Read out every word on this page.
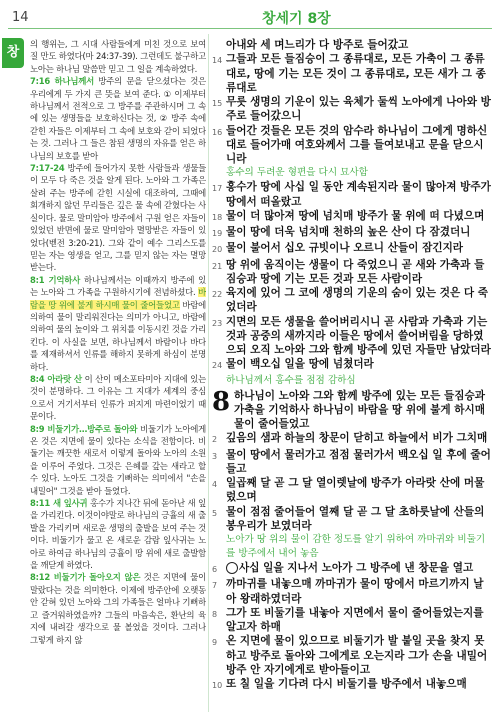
14	창세기 8장
창

의 행위는, 그 시대 사람들에게 미친 것으로 보여질 만도 하였다(마 24:37-39). 그런데도 불구하고 노아는 하나님 말씀만 믿고 그 일을 계속하였다.

7:16 하나님께서 방주의 문을 닫으셨다는 것은 우리에게 두 가지 큰 뜻을 보여 준다. ① 이제부터 하나님께서 전적으로 그 방주를 주관하시며 그 속에 있는 생명들을 보호하신다는 것, ② 방주 속에 갇힌 자들은 이제부터 그 속에 보호와 갇이 되었다는 것. 그러나 그 들은 참된 생명의 자유를 얻은 하나님의 보호를 받아

7:17-24 방주에 들어가지 못한 사람들과 생물들이 모두 다 죽은 것을 알게 된다. 노아와 그 가족은 살려 주는 방주에 갇힌 시실에 대조하여, 그때에 회개하지 않던 무리들은 깊은 물 속에 갇혔다는 사실이다. 물로 말미암아 방주에서 구원 얻은 자들이 있었던 반면에 물로 말미암아 멸망받은 자들이 있었다(벧전 3:20-21). 그와 같이 예수 그리스도를 믿는 자는 영생을 얻고, 그를 믿지 않는 자는 멸망 받는다.

8:1 기억하사 하나님께서는 이때까지 방주에 있는 노아와 그 가족을 구원하시기에 전념하셨다. 바람을 땅 위에 불게 하시매 물이 줄어들었고 바람에 의하여 물이 말리워진다는 의미가 아니고, 바람에 의하여 물의 높이와 그 위치를 이동시킨 것을 가리킨다. 이 사실을 보면, 하나님께서 바람이나 바다를 제재하셔서 인류를 해하지 못하게 하심이 분명하다.

8:4 아라랏 산 이 산이 메소포타미아 지대에 있는 것이 분명하다. 그 이유는 그 지대가 세계의 중심으로서 거기서부터 인류가 퍼지게 마련이었기 때문이다.

8:9 비둘기가…방주로 돌아와 비둘기가 노아에게 온 것은 지면에 물이 있다는 소식을 전함이다. 비둘기는 깨끗한 새로서 이렇게 돌아와 노아의 소원을 이루어 주었다. 그것은 은혜를 갚는 새라고 할 수 있다. 노아도 그것을 기뻐하는 의미에서 "손을 내밀어" 그것을 받아 들였다.

8:11 새 잎사귀 홍수가 지나간 뒤에 돋아난 새 잎을 가리킨다. 이것이야말로 하나님의 긍휼의 새 출발을 가리키며 새로운 생명의 출발을 보여 주는 것이다. 비둘기가 물고 온 새로운 감람 잎사귀는 노아로 하여금 하나님의 긍휼이 땅 위에 새로 출발함을 깨닫게 하였다.

8:12 비둘기가 돌아오지 않은 것은 지면에 물이 말랐다는 것을 의미한다. 이제에 방주안에 오랫동안 갇혀 있던 노아와 그의 가족들은 얼마나 기뻐하고 즐거워하였을까? 그들의 마음속은, 환난의 육지에 내려갈 생각으로 물 볼었을 것이다. 그러나 그렇게 하지 않

아내와 세 며느리가 다 방주로 들어갔고
14 그들과 모든 들짐승이 그 종류대로, 모든 가축이 그 종류대로, 땅에 기는 모든 것이 그 종류대로, 모든 새가 그 종류대로
15 무릇 생명의 기운이 있는 육체가 둘씩 노아에게 나아와 방주로 들어갔으니
16 들어간 것들은 모든 것의 암수라 하나님이 그에게 명하신 대로 들어가매 여호와께서 그를 들여보내고 문을 닫으시니라
홍수의 두려운 형편을 다시 묘사함
17 홍수가 땅에 사십 일 동안 계속된지라 물이 많아져 방주가 땅에서 떠올랐고
18 물이 더 많아져 땅에 넘치매 방주가 물 위에 떠 다녔으며
19 물이 땅에 더욱 넘치매 천하의 높은 산이 다 잠겼더니
20 물이 불어서 십오 규빗이나 오르니 산들이 잠긴지라
21 땅 위에 움직이는 생물이 다 죽었으니 곧 새와 가축과 들짐승과 땅에 기는 모든 것과 모든 사람이라
22 육지에 있어 그 코에 생명의 기운의 숨이 있는 것은 다 죽었더라
23 지면의 모든 생물을 쓸어버리시니 곧 사람과 가축과 기는 것과 공중의 새까지라 이들은 땅에서 쓸어버림을 당하였으되 오직 노아와 그와 함께 방주에 있던 자들만 남았더라
24 물이 백오십 일을 땅에 넘쳤더라
하나님께서 홍수를 점점 감하심
8 하나님이 노아와 그와 함께 방주에 있는 모든 들짐승과 가축을 기억하사 하나님이 바람을 땅 위에 불게 하시매 물이 줄어들었고
2 깊음의 샘과 하늘의 창문이 닫히고 하늘에서 비가 그치매
3 물이 땅에서 물러가고 점점 물러가서 백오십 일 후에 줄어들고
4 일곱째 달 곧 그 달 열이렛날에 방주가 아라랏 산에 머물렀으며
5 물이 점점 줄어들어 열째 달 곧 그 달 초하룻날에 산들의 봉우리가 보였더라
노아가 땅 위의 물이 감한 정도를 알기 위하여 까마귀와 비둘기를 방주에서 내어 놓음
6	사십 일을 지나서 노아가 그 방주에 낸 창문을 열고
7 까마귀를 내놓으매 까마귀가 물이 땅에서 마르기까지 날아 왕래하였더라
8 그가 또 비둘기를 내놓아 지면에서 물이 줄어들었는지를 알고자 하매
9 온 지면에 물이 있으므로 비둘기가 발 붙일 곳을 찾지 못하고 방주로 돌아와 그에게로 오는지라 그가 손을 내밀어 방주 안 자기에게로 받아들이고
10 또 칠 일을 기다려 다시 비둘기를 방주에서 내놓으매
